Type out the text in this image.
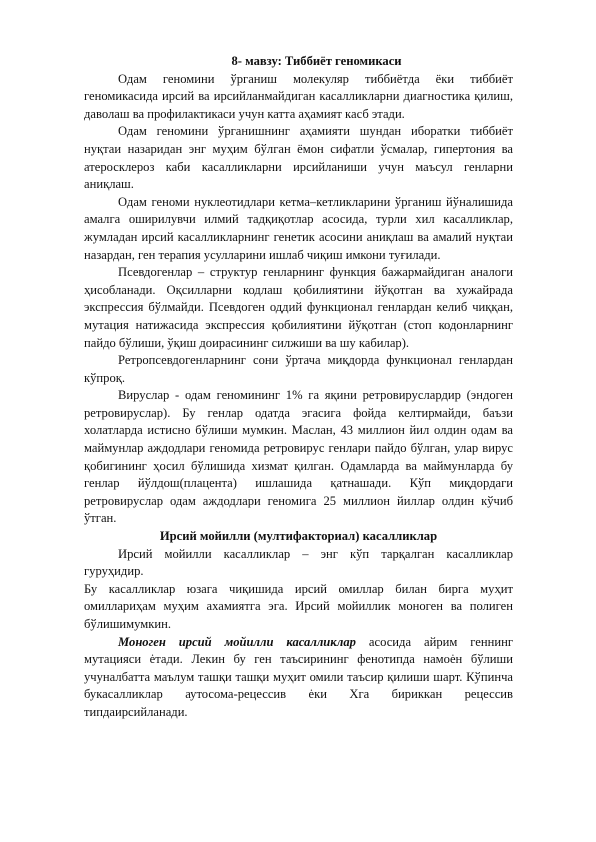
8- мавзу: Тиббиёт геномикаси

Одам геномини ўрганиш молекуляр тиббиётда ёки тиббиёт геномикасида ирсий ва ирсийланмайдиган касалликларни диагностика қилиш, даволаш ва профилактикаси учун катта аҳамият касб этади.

Одам геномини ўрганишнинг аҳамияти шундан иборатки тиббиёт нуқтаи назаридан энг муҳим бўлган ёмон сифатли ўсмалар, гипертония ва атеросклероз каби касалликларни ирсийланиши учун маъсул генларни аниқлаш.

Одам геноми нуклеотидлари кетма–кетликларини ўрганиш йўналишида амалга оширилувчи илмий тадқиқотлар асосида, турли хил касалликлар, жумладан ирсий касалликларнинг генетик асосини аниқлаш ва амалий нуқтаи назардан, ген терапия усулларини ишлаб чиқиш имкони туғилади.

Псевдогенлар – структур генларнинг функция бажармайдиган аналоги ҳисобланади. Оқсилларни кодлаш қобилиятини йўқотган ва хужайрада экспрессия бўлмайди. Псевдоген оддий функционал генлардан келиб чиққан, мутация натижасида экспрессия қобилиятини йўқотган (стоп кодонларнинг пайдо бўлиши, ўқиш доирасининг силжиши ва шу кабилар).

Ретропсевдогенларнинг сони ўртача миқдорда функционал генлардан кўпроқ.

Вируслар - одам геномининг 1% га яқини ретровируслардир (эндоген ретровируслар). Бу генлар одатда эгасига фойда келтирмайди, баъзи холатларда истисно бўлиши мумкин. Маслан, 43 миллион йил олдин одам ва маймунлар аждодлари геномида ретровирус генлари пайдо бўлган, улар вирус қобигининг ҳосил бўлишида хизмат қилган. Одамларда ва маймунларда бу генлар йўлдош(плацента) ишлашида қатнашади. Кўп миқдордаги ретровируслар одам аждодлари геномига 25 миллион йиллар олдин кўчиб ўтган.

Ирсий мойилли (мултифакториал) касалликлар

Ирсий мойилли касалликлар – энг кўп тарқалган касалликлар гуруҳидир.

Бу касалликлар юзага чиқишида ирсий омиллар билан бирга муҳит омиллариҳам муҳим ахамиятга эга. Ирсий мойиллик моноген ва полиген бўлишимумкин.

Моноген ирсий мойилли касалликлар асосида айрим геннинг мутацияси ėтади. Лекин бу ген таъсирининг фенотипда намоėн бўлиши учуналбатта маълум ташқи ташқи муҳит омили таъсир қилиши шарт. Кўпинча букасалликлар аутосома-рецессив ėки Хга бириккан рецессив типдаирсийланади.
